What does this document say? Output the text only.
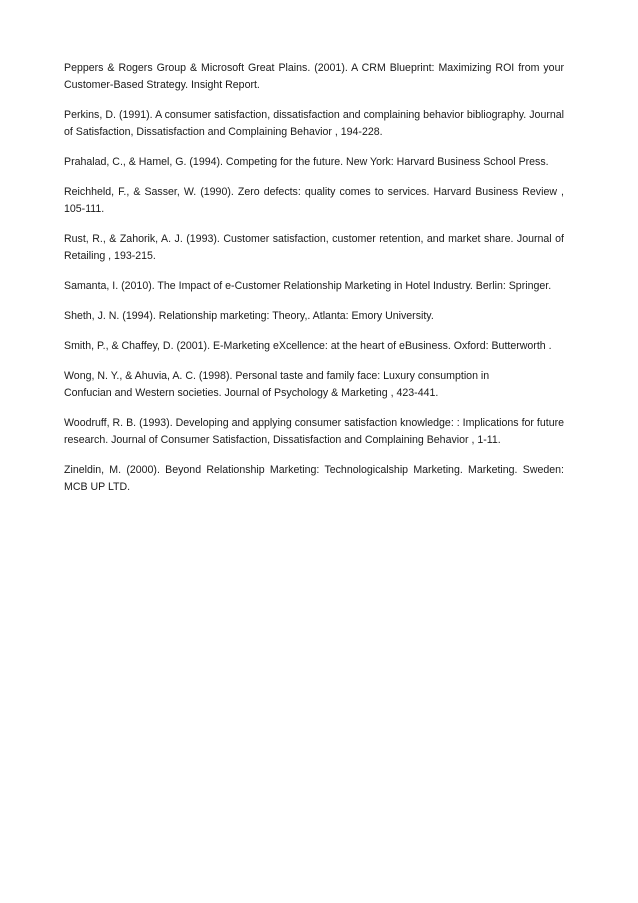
Peppers & Rogers Group & Microsoft Great Plains. (2001). A CRM Blueprint: Maximizing ROI from your Customer-Based Strategy. Insight Report.

Perkins, D. (1991). A consumer satisfaction, dissatisfaction and complaining behavior bibliography. Journal of Satisfaction, Dissatisfaction and Complaining Behavior , 194-228.

Prahalad, C., & Hamel, G. (1994). Competing for the future. New York: Harvard Business School Press.

Reichheld, F., & Sasser, W. (1990). Zero defects: quality comes to services. Harvard Business Review , 105-111.

Rust, R., & Zahorik, A. J. (1993). Customer satisfaction, customer retention, and market share. Journal of Retailing , 193-215.

Samanta, I. (2010). The Impact of e-Customer Relationship Marketing in Hotel Industry. Berlin: Springer.

Sheth, J. N. (1994). Relationship marketing: Theory,. Atlanta: Emory University.

Smith, P., & Chaffey, D. (2001). E-Marketing eXcellence: at the heart of eBusiness. Oxford: Butterworth .

Wong, N. Y., & Ahuvia, A. C. (1998). Personal taste and family face: Luxury consumption in
Confucian and Western societies. Journal of Psychology & Marketing , 423-441.

Woodruff, R. B. (1993). Developing and applying consumer satisfaction knowledge: : Implications for future research. Journal of Consumer Satisfaction, Dissatisfaction and Complaining Behavior , 1-11.

Zineldin, M. (2000). Beyond Relationship Marketing: Technologicalship Marketing. Marketing. Sweden: MCB UP LTD.
